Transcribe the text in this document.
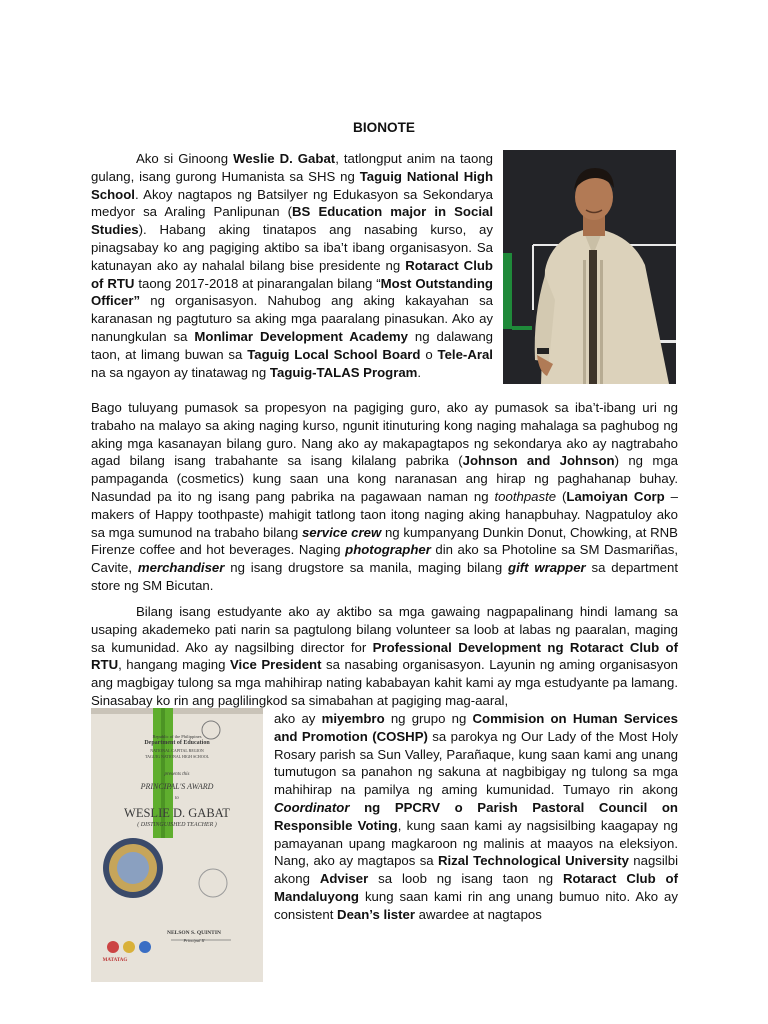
BIONOTE
Ako si Ginoong Weslie D. Gabat, tatlongput anim na taong gulang, isang gurong Humanista sa SHS ng Taguig National High School. Akoy nagtapos ng Batsilyer ng Edukasyon sa Sekondarya medyor sa Araling Panlipunan (BS Education major in Social Studies). Habang aking tinatapos ang nasabing kurso, ay pinagsabay ko ang pagiging aktibo sa iba’t ibang organisasyon. Sa katunayan ako ay nahalal bilang bise presidente ng Rotaract Club of RTU taong 2017-2018 at pinarangalan bilang “Most Outstanding Officer” ng organisasyon. Nahubog ang aking kakayahan sa karanasan ng pagtuturo sa aking mga paaralang pinasukan. Ako ay nanungkulan sa Monlimar Development Academy ng dalawang taon, at limang buwan sa Taguig Local School Board o Tele-Aral na sa ngayon ay tinatawag ng Taguig-TALAS Program.
Bago tuluyang pumasok sa propesyon na pagiging guro, ako ay pumasok sa iba’t-ibang uri ng trabaho na malayo sa aking naging kurso, ngunit itinuturing kong naging mahalaga sa paghubog ng aking mga kasanayan bilang guro. Nang ako ay makapagtapos ng sekondarya ako ay nagtrabaho agad bilang isang trabahante sa isang kilalang pabrika (Johnson and Johnson) ng mga pampaganda (cosmetics) kung saan una kong naranasan ang hirap ng paghahanap buhay. Nasundad pa ito ng isang pang pabrika na pagawaan naman ng toothpaste (Lamoiyan Corp – makers of Happy toothpaste) mahigit tatlong taon itong naging aking hanapbuhay. Nagpatuloy ako sa mga sumunod na trabaho bilang service crew ng kumpanyang Dunkin Donut, Chowking, at RNB Firenze coffee and hot beverages. Naging photographer din ako sa Photoline sa SM Dasmariñas, Cavite, merchandiser ng isang drugstore sa manila, maging bilang gift wrapper sa department store ng SM Bicutan.
Bilang isang estudyante ako ay aktibo sa mga gawaing nagpapalinang hindi lamang sa usaping akademeko pati narin sa pagtulong bilang volunteer sa loob at labas ng paaralan, maging sa kumunidad. Ako ay nagsilbing director for Professional Development ng Rotaract Club of RTU, hangang maging Vice President sa nasabing organisasyon. Layunin ng aming organisasyon ang magbigay tulong sa mga mahihirap nating kababayan kahit kami ay mga estudyante pa lamang. Sinasabay ko rin ang paglilingkod sa simabahan at pagiging mag-aaral,
Republic of the Philippines
Department of Education
NATIONAL CAPITAL REGION
TAGUIG NATIONAL HIGH SCHOOL
presents this
PRINCIPAL'S AWARD
to
WESLIE D. GABAT
( DISTINGUISHED TEACHER )
NELSON S. QUINTIN
Principal II
MATATAG
ako ay miyembro ng grupo ng Commision on Human Services and Promotion (COSHP) sa parokya ng Our Lady of the Most Holy Rosary parish sa Sun Valley, Parañaque, kung saan kami ang unang tumutugon sa panahon ng sakuna at nagbibigay ng tulong sa mga mahihirap na pamilya ng aming kumunidad. Tumayo rin akong Coordinator ng PPCRV o Parish Pastoral Council on Responsible Voting, kung saan kami ay nagsisilbing kaagapay ng pamayanan upang magkaroon ng malinis at maayos na eleksiyon. Nang, ako ay magtapos sa Rizal Technological University nagsilbi akong Adviser sa loob ng isang taon ng Rotaract Club of Mandaluyong kung saan kami rin ang unang bumuo nito. Ako ay consistent Dean’s lister awardee at nagtapos
